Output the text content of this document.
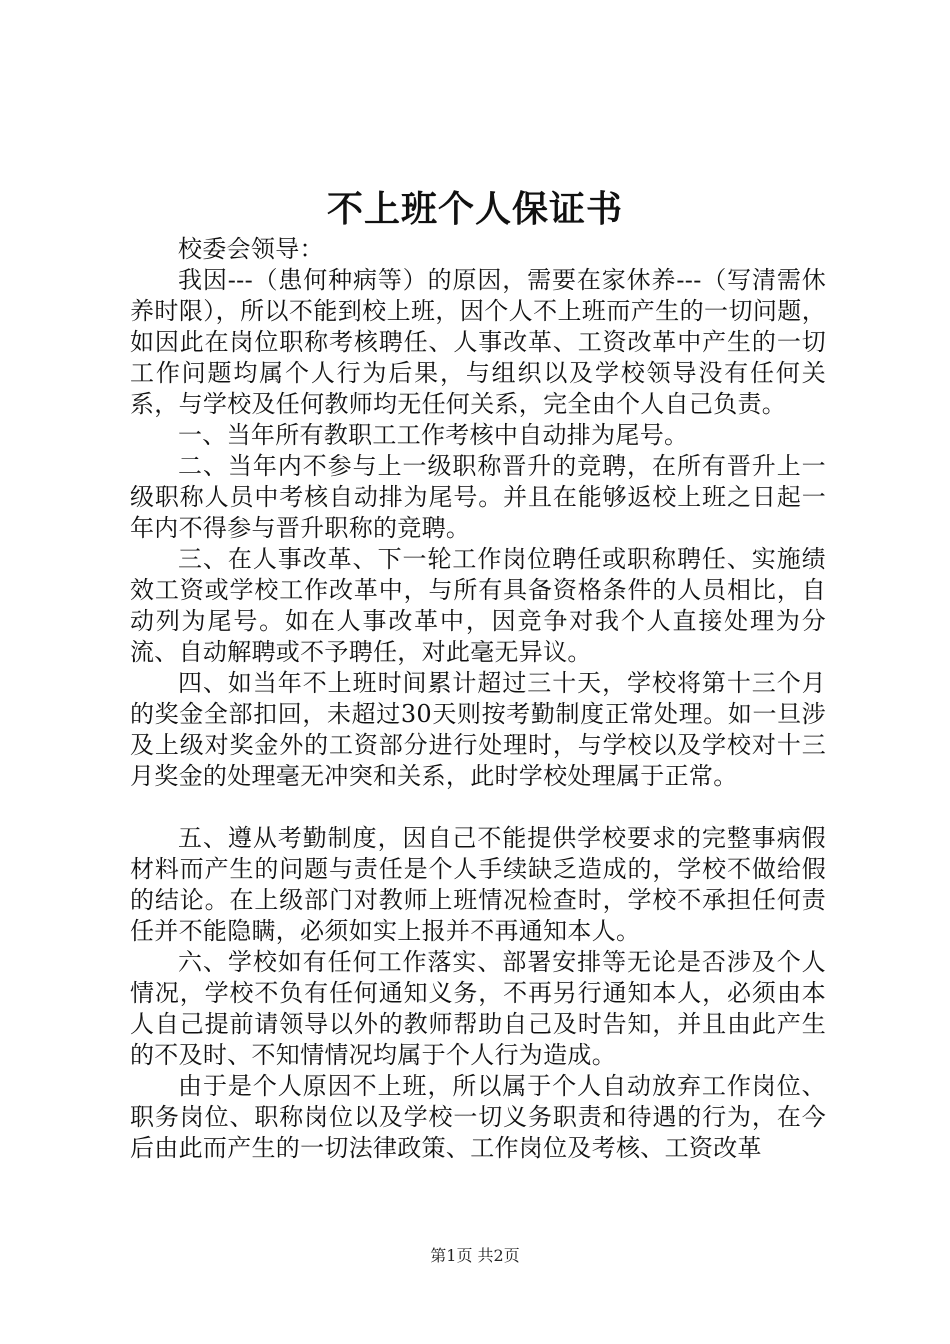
不上班个人保证书

校委会领导：

我因---（患何种病等）的原因，需要在家休养---（写清需休养时限），所以不能到校上班，因个人不上班而产生的一切问题，如因此在岗位职称考核聘任、人事改革、工资改革中产生的一切工作问题均属个人行为后果，与组织以及学校领导没有任何关系，与学校及任何教师均无任何关系，完全由个人自己负责。

一、当年所有教职工工作考核中自动排为尾号。

二、当年内不参与上一级职称晋升的竞聘，在所有晋升上一级职称人员中考核自动排为尾号。并且在能够返校上班之日起一年内不得参与晋升职称的竞聘。

三、在人事改革、下一轮工作岗位聘任或职称聘任、实施绩效工资或学校工作改革中，与所有具备资格条件的人员相比，自动列为尾号。如在人事改革中，因竞争对我个人直接处理为分流、自动解聘或不予聘任，对此毫无异议。

四、如当年不上班时间累计超过三十天，学校将第十三个月的奖金全部扣回，未超过30天则按考勤制度正常处理。如一旦涉及上级对奖金外的工资部分进行处理时，与学校以及学校对十三月奖金的处理毫无冲突和关系，此时学校处理属于正常。

五、遵从考勤制度，因自己不能提供学校要求的完整事病假材料而产生的问题与责任是个人手续缺乏造成的，学校不做给假的结论。在上级部门对教师上班情况检查时，学校不承担任何责任并不能隐瞒，必须如实上报并不再通知本人。

六、学校如有任何工作落实、部署安排等无论是否涉及个人情况，学校不负有任何通知义务，不再另行通知本人，必须由本人自己提前请领导以外的教师帮助自己及时告知，并且由此产生的不及时、不知情情况均属于个人行为造成。

由于是个人原因不上班，所以属于个人自动放弃工作岗位、职务岗位、职称岗位以及学校一切义务职责和待遇的行为，在今后由此而产生的一切法律政策、工作岗位及考核、工资改革

第1页 共2页
